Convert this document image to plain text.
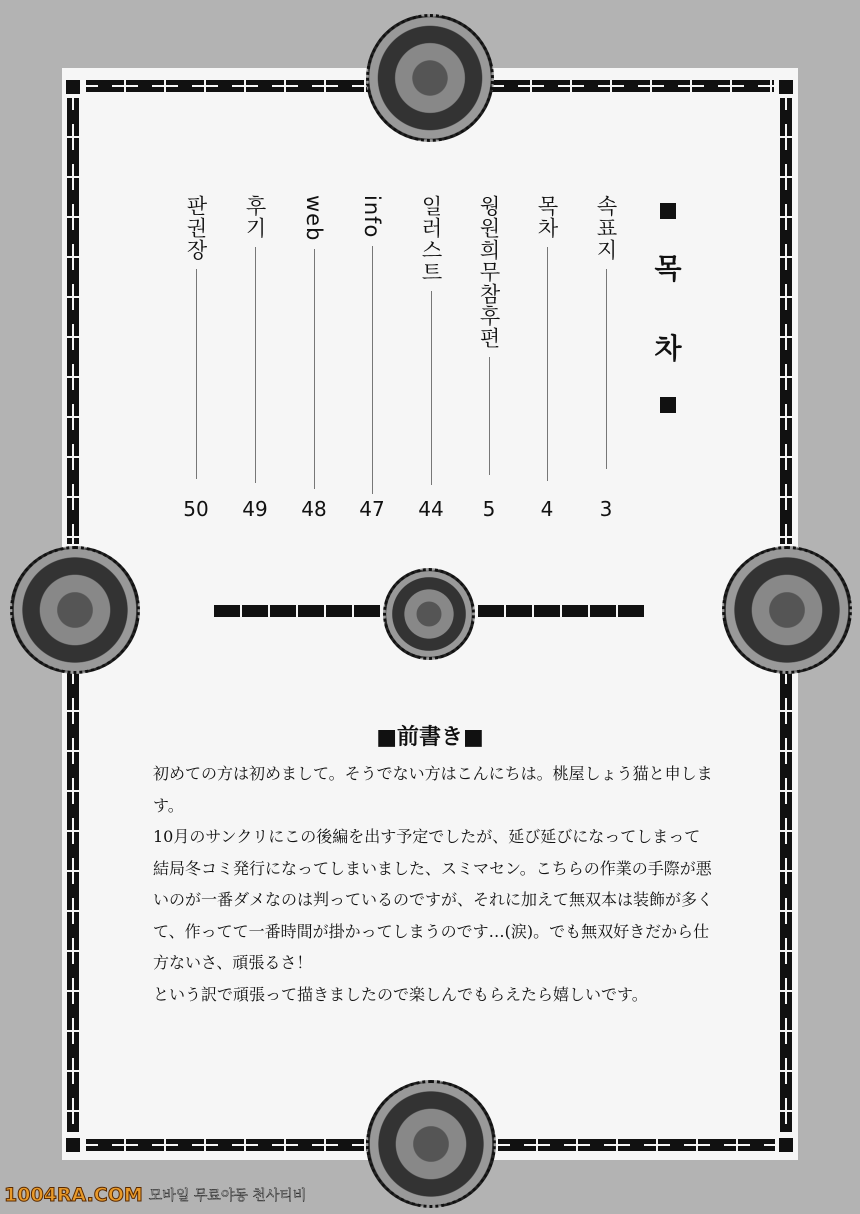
목
차
속표지
3
목차
4
웡원희무참후편
5
일러스트
44
info
47
web
48
후기
49
판권장
50
■前書き■

初めての方は初めまして。そうでない方はこんにちは。桃屋しょう猫と申します。

10月のサンクリにこの後編を出す予定でしたが、延び延びになってしまって結局冬コミ発行になってしまいました、スミマセン。こちらの作業の手際が悪いのが一番ダメなのは判っているのですが、それに加えて無双本は装飾が多くて、作ってて一番時間が掛かってしまうのです…(涙)。でも無双好きだから仕方ないさ、頑張るさ！

という訳で頑張って描きましたので楽しんでもらえたら嬉しいです。

1004RA.COM 모바일 무료야동 천사티비
